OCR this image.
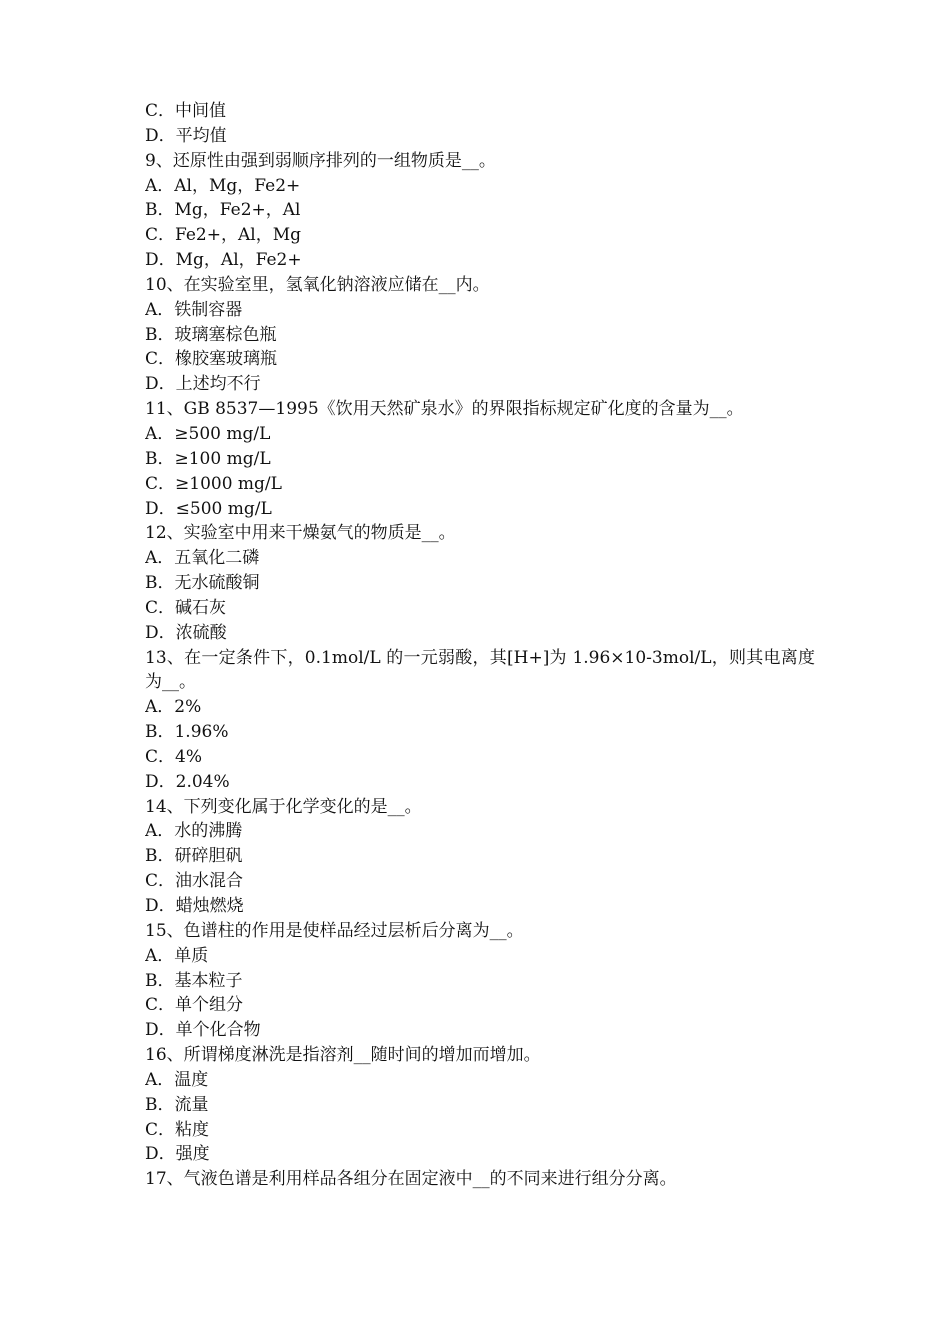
C．中间值
D．平均值
9、还原性由强到弱顺序排列的一组物质是__。
A．Al，Mg，Fe2+
B．Mg，Fe2+，Al
C．Fe2+，Al，Mg
D．Mg，Al，Fe2+
10、在实验室里，氢氧化钠溶液应储在__内。
A．铁制容器
B．玻璃塞棕色瓶
C．橡胶塞玻璃瓶
D．上述均不行
11、GB 8537—1995《饮用天然矿泉水》的界限指标规定矿化度的含量为__。
A．≥500 mg/L
B．≥100 mg/L
C．≥1000 mg/L
D．≤500 mg/L
12、实验室中用来干燥氨气的物质是__。
A．五氧化二磷
B．无水硫酸铜
C．碱石灰
D．浓硫酸
13、在一定条件下，0.1mol/L 的一元弱酸，其[H+]为 1.96×10-3mol/L，则其电离度为__。
A．2%
B．1.96%
C．4%
D．2.04%
14、下列变化属于化学变化的是__。
A．水的沸腾
B．研碎胆矾
C．油水混合
D．蜡烛燃烧
15、色谱柱的作用是使样品经过层析后分离为__。
A．单质
B．基本粒子
C．单个组分
D．单个化合物
16、所谓梯度淋洗是指溶剂__随时间的增加而增加。
A．温度
B．流量
C．粘度
D．强度
17、气液色谱是利用样品各组分在固定液中__的不同来进行组分分离。
